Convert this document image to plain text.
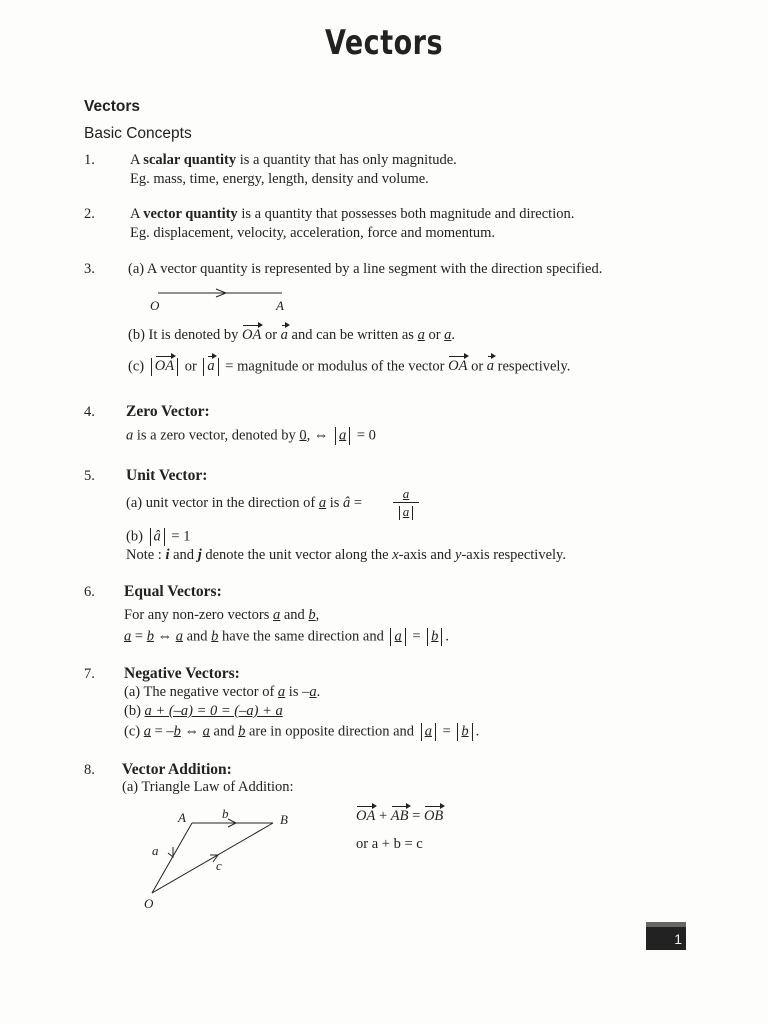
Vectors
Vectors
Basic Concepts
1. A scalar quantity is a quantity that has only magnitude.
Eg. mass, time, energy, length, density and volume.
2. A vector quantity is a quantity that possesses both magnitude and direction.
Eg. displacement, velocity, acceleration, force and momentum.
3. (a) A vector quantity is represented by a line segment with the direction specified.
O	A
(b) It is denoted by OA or a and can be written as a or a.
(c) OA or a = magnitude or modulus of the vector OA or a respectively.
4. Zero Vector:
a is a zero vector, denoted by 0, ⇔ a = 0
5. Unit Vector:
(a) unit vector in the direction of a is â =
a
a
(b) â = 1
Note : i and j denote the unit vector along the x-axis and y-axis respectively.
6. Equal Vectors:
For any non-zero vectors a and b,
a = b ⇔ a and b have the same direction and a = b .
7. Negative Vectors:
(a) The negative vector of a is –a.
(b) a + (–a) = 0 = (–a) + a
(c) a = –b ⇔ a and b are in opposite direction and a = b .
8. Vector Addition:
(a) Triangle Law of Addition:
A	B
O
a
b
c
OA + AB = OB
or a + b = c
1
